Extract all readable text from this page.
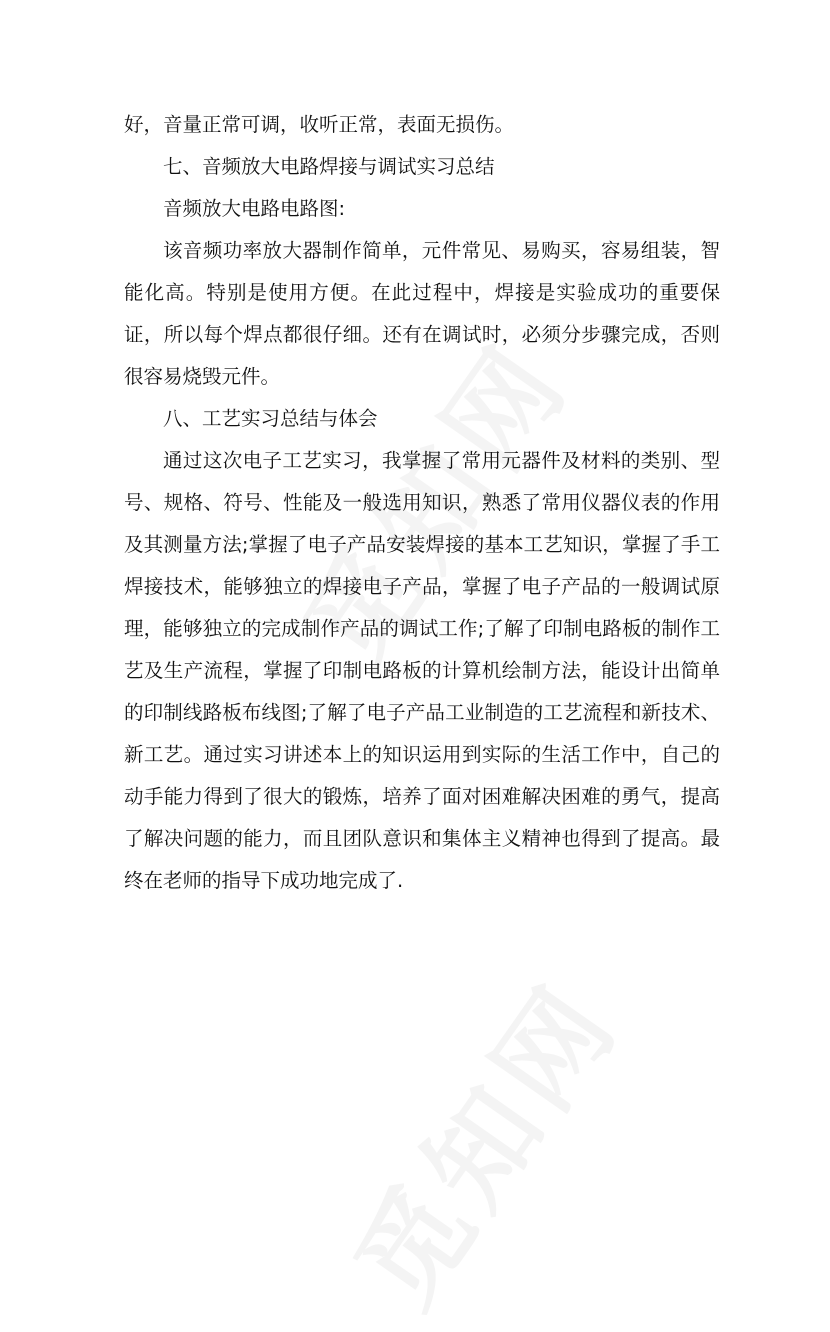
好，音量正常可调，收听正常，表面无损伤。

七、音频放大电路焊接与调试实习总结

音频放大电路电路图:

该音频功率放大器制作简单，元件常见、易购买，容易组装，智能化高。特别是使用方便。在此过程中，焊接是实验成功的重要保证，所以每个焊点都很仔细。还有在调试时，必须分步骤完成，否则很容易烧毁元件。

八、工艺实习总结与体会

通过这次电子工艺实习，我掌握了常用元器件及材料的类别、型号、规格、符号、性能及一般选用知识，熟悉了常用仪器仪表的作用及其测量方法;掌握了电子产品安装焊接的基本工艺知识，掌握了手工焊接技术，能够独立的焊接电子产品，掌握了电子产品的一般调试原理，能够独立的完成制作产品的调试工作;了解了印制电路板的制作工艺及生产流程，掌握了印制电路板的计算机绘制方法，能设计出简单的印制线路板布线图;了解了电子产品工业制造的工艺流程和新技术、新工艺。通过实习讲述本上的知识运用到实际的生活工作中，自己的动手能力得到了很大的锻炼，培养了面对困难解决困难的勇气，提高了解决问题的能力，而且团队意识和集体主义精神也得到了提高。最终在老师的指导下成功地完成了.
